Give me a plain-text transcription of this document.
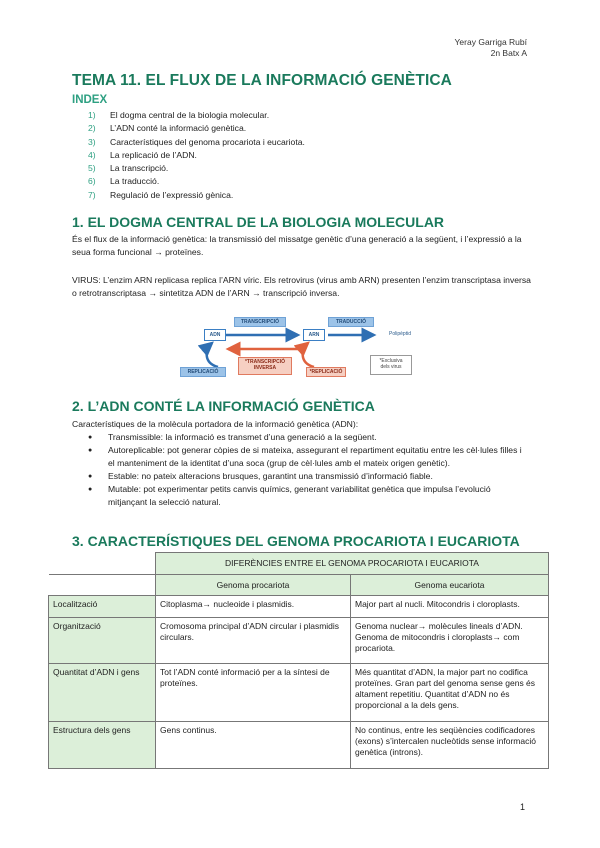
Yeray Garriga Rubí
2n Batx A
TEMA 11. EL FLUX DE LA INFORMACIÓ GENÈTICA
INDEX
1)	El dogma central de la biologia molecular.
2)	L’ADN conté la informació genètica.
3)	Característiques del genoma procariota i eucariota.
4)	La replicació de l’ADN.
5)	La transcripció.
6)	La traducció.
7)	Regulació de l’expressió gènica.
1. EL DOGMA CENTRAL DE LA BIOLOGIA MOLECULAR
És el flux de la informació genètica: la transmissió del missatge genètic d’una generació a la següent, i l’expressió a la seua forma funcional → proteïnes.
VIRUS: L’enzim ARN replicasa replica l’ARN víric. Els retrovirus (virus amb ARN) presenten l’enzim transcriptasa inversa o retrotranscriptasa → sintetitza ADN de l’ARN → transcripció inversa.
ADN	ARN
TRANSCRIPCIÓ	TRADUCCIÓ
Polipèptid
REPLICACIÓ
*TRANSCRIPCIÓ
INVERSA
*REPLICACIÓ
*Exclusiva
dels virus
2. L’ADN CONTÉ LA INFORMACIÓ GENÈTICA
Característiques de la molècula portadora de la informació genètica (ADN):
● Transmissible: la informació es transmet d’una generació a la següent.
● Autoreplicable: pot generar còpies de si mateixa, assegurant el repartiment equitatiu entre les cèl·lules filles i el manteniment de la identitat d’una soca (grup de cèl·lules amb el mateix origen genètic).
● Estable: no pateix alteracions brusques, garantint una transmissió d’informació fiable.
● Mutable: pot experimentar petits canvis químics, generant variabilitat genètica que impulsa l’evolució mitjançant la selecció natural.
3. CARACTERÍSTIQUES DEL GENOMA PROCARIOTA I EUCARIOTA
	DIFERÈNCIES ENTRE EL GENOMA PROCARIOTA I EUCARIOTA	
	Genoma procariota	Genoma eucariota
Localització	Citoplasma→ nucleoide i plasmidis.	Major part al nucli. Mitocondris i cloroplasts.
Organització	Cromosoma principal d’ADN circular i plasmidis circulars.	Genoma nuclear→ molècules lineals d’ADN. Genoma de mitocondris i cloroplasts→ com procariota.
Quantitat d’ADN i gens	Tot l’ADN conté informació per a la síntesi de proteïnes.	Més quantitat d’ADN, la major part no codifica proteïnes. Gran part del genoma sense gens és altament repetitiu. Quantitat d’ADN no és proporcional a la dels gens.
Estructura dels gens	Gens continus.	No continus, entre les seqüències codificadores (exons) s’intercalen nucleòtids sense informació genètica (introns).
1
